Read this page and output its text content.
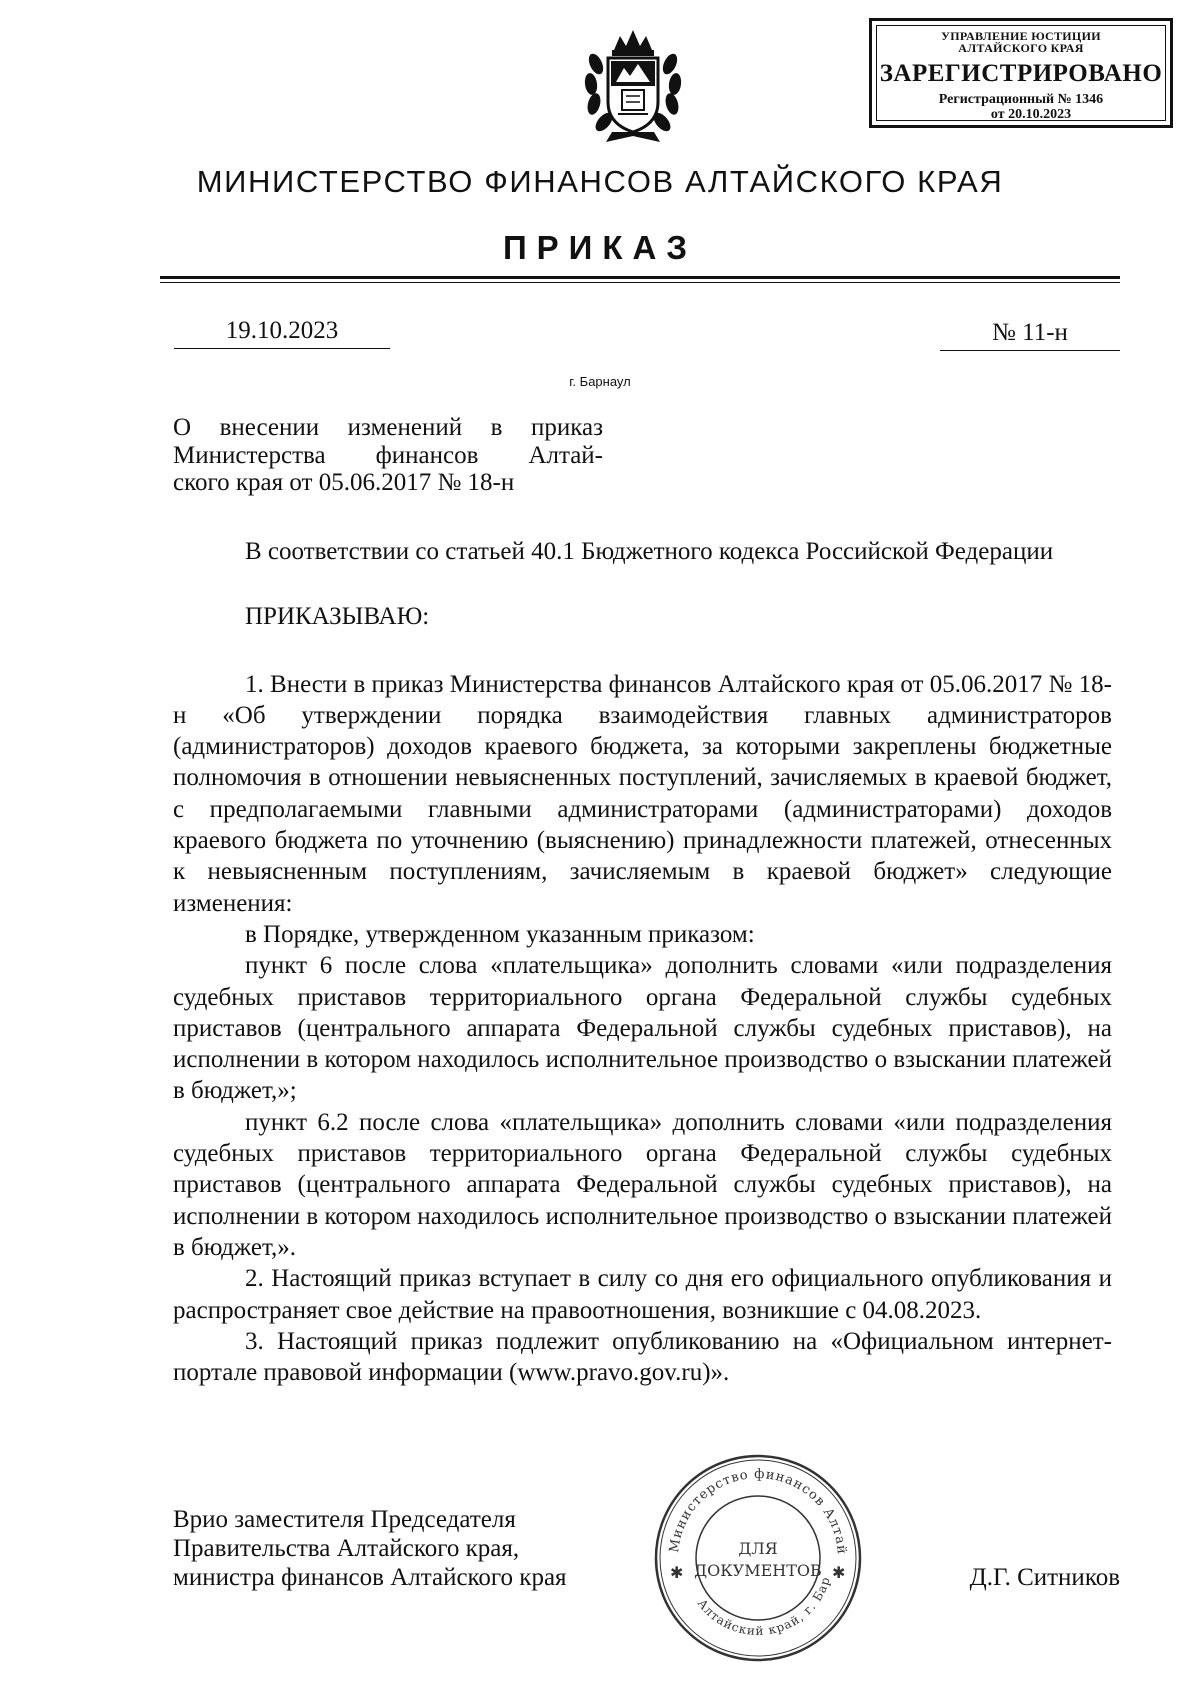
УПРАВЛЕНИЕ ЮСТИЦИИ
АЛТАЙСКОГО КРАЯ
ЗАРЕГИСТРИРОВАНО
Регистрационный № 1346
от 20.10.2023
МИНИСТЕРСТВО ФИНАНСОВ АЛТАЙСКОГО КРАЯ
ПРИКАЗ
19.10.2023	№ 11-н
г. Барнаул
О внесении изменений в приказ
Министерства финансов Алтай-
ского края от 05.06.2017 № 18-н

В соответствии со статьей 40.1 Бюджетного кодекса Российской Федерации

ПРИКАЗЫВАЮ:

1. Внести в приказ Министерства финансов Алтайского края от 05.06.2017 № 18-н «Об утверждении порядка взаимодействия главных администраторов (администраторов) доходов краевого бюджета, за которыми закреплены бюджетные полномочия в отношении невыясненных поступлений, зачисляемых в краевой бюджет, с предполагаемыми главными администраторами (администраторами) доходов краевого бюджета по уточнению (выяснению) принадлежности платежей, отнесенных к невыясненным поступлениям, зачисляемым в краевой бюджет» следующие изменения:

в Порядке, утвержденном указанным приказом:

пункт 6 после слова «плательщика» дополнить словами «или подразделения судебных приставов территориального органа Федеральной службы судебных приставов (центрального аппарата Федеральной службы судебных приставов), на исполнении в котором находилось исполнительное производство о взыскании платежей в бюджет,»;

пункт 6.2 после слова «плательщика» дополнить словами «или подразделения судебных приставов территориального органа Федеральной службы судебных приставов (центрального аппарата Федеральной службы судебных приставов), на исполнении в котором находилось исполнительное производство о взыскании платежей в бюджет,».

2. Настоящий приказ вступает в силу со дня его официального опубликования и распространяет свое действие на правоотношения, возникшие с 04.08.2023.

3. Настоящий приказ подлежит опубликованию на «Официальном интернет-портале правовой информации (www.pravo.gov.ru)».

Врио заместителя Председателя
Правительства Алтайского края,
министра финансов Алтайского края	Д.Г. Ситников
Министерство финансов Алтай
Алтайский край, г. Бар
ДЛЯ
ДОКУМЕНТОВ
✱	✱
